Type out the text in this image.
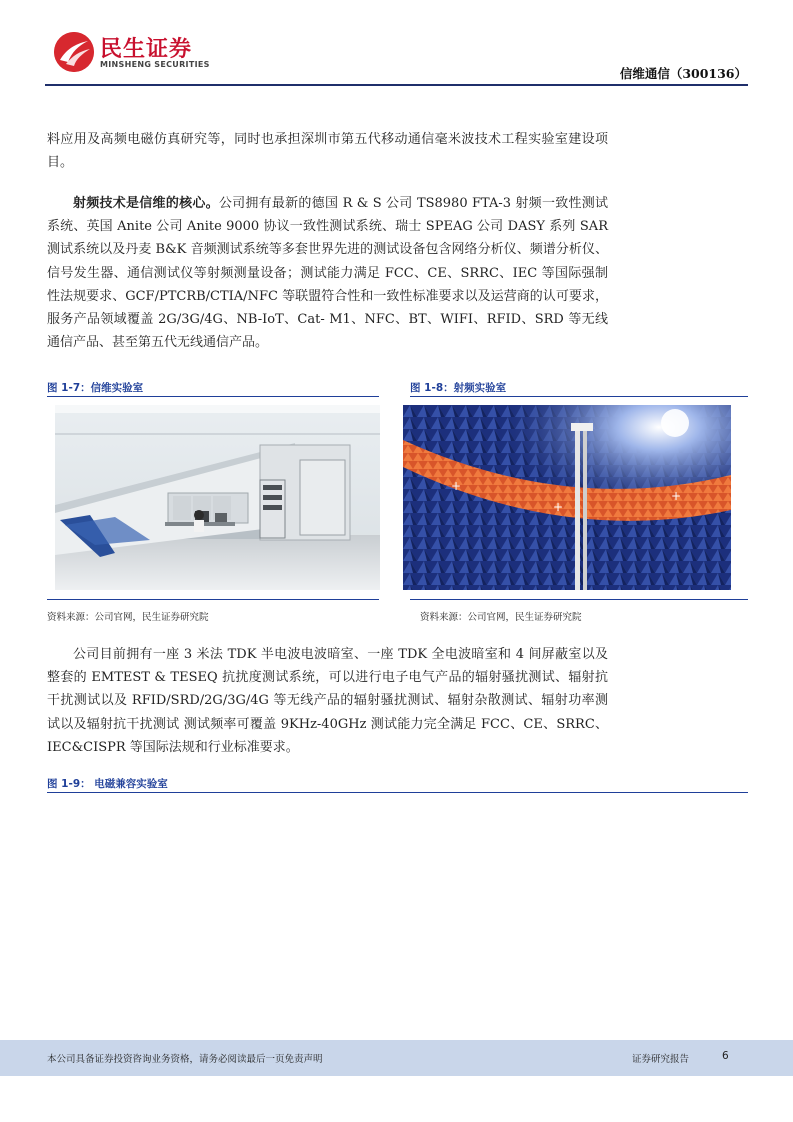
民生证券
MINSHENG SECURITIES
信维通信（300136）

料应用及高频电磁仿真研究等，同时也承担深圳市第五代移动通信毫米波技术工程实验室建设项目。

射频技术是信维的核心。公司拥有最新的德国 R & S 公司 TS8980 FTA-3 射频一致性测试系统、英国 Anite 公司 Anite 9000 协议一致性测试系统、瑞士 SPEAG 公司 DASY 系列 SAR 测试系统以及丹麦 B&K 音频测试系统等多套世界先进的测试设备包含网络分析仪、频谱分析仪、信号发生器、通信测试仪等射频测量设备；测试能力满足 FCC、CE、SRRC、IEC 等国际强制性法规要求、GCF/PTCRB/CTIA/NFC 等联盟符合性和一致性标准要求以及运营商的认可要求，服务产品领域覆盖 2G/3G/4G、NB-IoT、Cat- M1、NFC、BT、WIFI、RFID、SRD 等无线通信产品、甚至第五代无线通信产品。

图 1-7：信维实验室
资料来源：公司官网，民生证券研究院
图 1-8：射频实验室
+
+
+
资料来源：公司官网，民生证券研究院

公司目前拥有一座 3 米法 TDK 半电波电波暗室、一座 TDK 全电波暗室和 4 间屏蔽室以及整套的 EMTEST & TESEQ 抗扰度测试系统，可以进行电子电气产品的辐射骚扰测试、辐射抗干扰测试以及 RFID/SRD/2G/3G/4G 等无线产品的辐射骚扰测试、辐射杂散测试、辐射功率测试以及辐射抗干扰测试 测试频率可覆盖 9KHz-40GHz 测试能力完全满足 FCC、CE、SRRC、IEC&CISPR 等国际法规和行业标准要求。

图 1-9： 电磁兼容实验室
本公司具备证券投资咨询业务资格，请务必阅读最后一页免责声明	证券研究报告	6
